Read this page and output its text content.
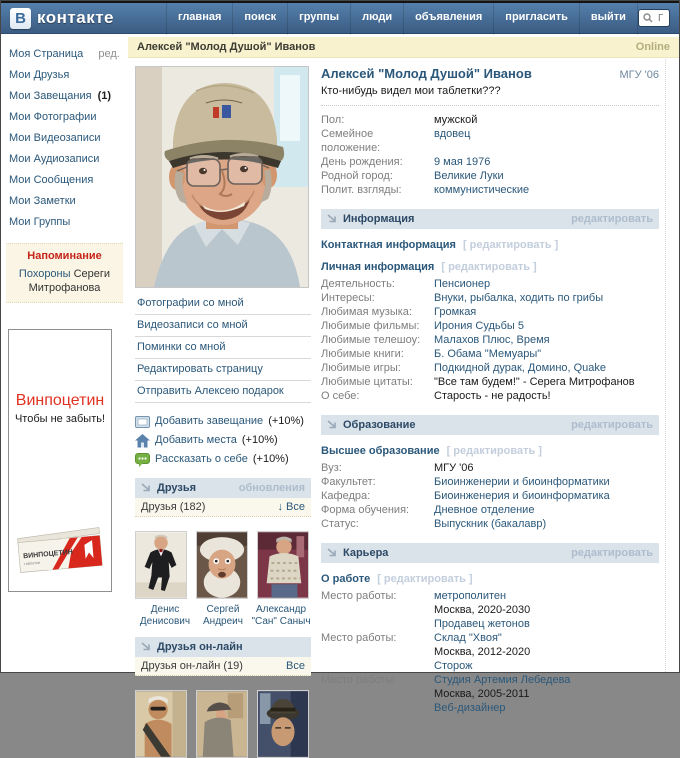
В контакте	главная	поиск	группы	люди	объявления	пригласить	выйти
Поиск
Моя Страница ред.
Мои Друзья
Мои Завещания (1)
Мои Фотографии
Мои Видеозаписи
Мои Аудиозаписи
Мои Сообщения
Мои Заметки
Мои Группы
Напоминание
Похороны Сереги Митрофанова
Винпоцетин
Чтобы не забыть!
ВИНПОЦЕТИН
таблетки
Алексей "Молод Душой" Иванов	Online
Фотографии со мной
Видеозаписи со мной
Поминки со мной
Редактировать страницу
Отправить Алексею подарок
Добавить завещание (+10%)
Добавить места (+10%)
Рассказать о себе (+10%)
Друзья	обновления
Друзья (182)	↓ Все
Денис
Денисович
Сергей
Андреич
Александр
"Сан" Саныч
Друзья он-лайн
Друзья он-лайн (19)	Все
Алексей "Молод Душой" Иванов	МГУ '06
Кто-нибудь видел мои таблетки???
Пол:	мужской
Семейное положение:
вдовец
День рождения:	9 мая 1976
Родной город:	Великие Луки
Полит. взгляды:	коммунистические
Информация	редактировать
Контактная информация [ редактировать ]
Личная информация [ редактировать ]
Деятельность:	Пенсионер
Интересы:	Внуки, рыбалка, ходить по грибы
Любимая музыка:	Громкая
Любимые фильмы:	Ирония Судьбы 5
Любимые телешоу:	Малахов Плюс, Время
Любимые книги:	Б. Обама "Мемуары"
Любимые игры:	Подкидной дурак, Домино, Quake
Любимые цитаты:	"Все там будем!" - Серега Митрофанов
О себе:	Старость - не радость!
Образование	редактировать
Высшее образование [ редактировать ]
Вуз:	МГУ '06
Факультет:	Биоинженерии и биоинформатики
Кафедра:	Биоинженерия и биоинформатика
Форма обучения:	Дневное отделение
Статус:	Выпускник (бакалавр)
Карьера	редактировать
О работе [ редактировать ]
Место работы:	метрополитен
Москва, 2020-2030
Продавец жетонов
Место работы:	Склад "Хвоя"
Москва, 2012-2020
Сторож
Место работы:	Студия Артемия Лебедева
Москва, 2005-2011
Веб-дизайнер
